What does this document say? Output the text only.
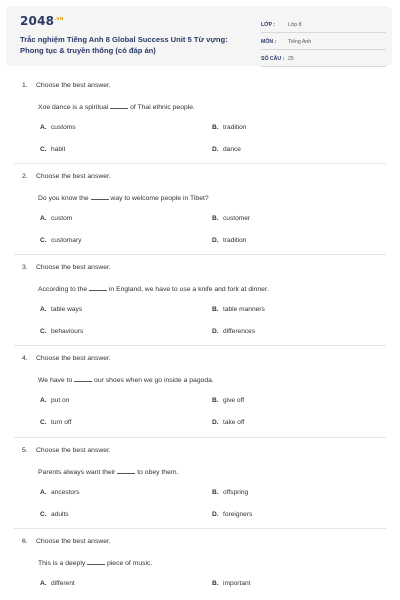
$2048^{.vn}$
Trắc nghiệm Tiếng Anh 8 Global Success Unit 5 Từ vựng: Phong tục & truyền thống (có đáp án)
LỚP :	Lớp 8
MÔN :	Tiếng Anh
SỐ CÂU : 25
1. Choose the best answer.
Xoe dance is a spiritual	of Thai ethnic people.
A. customs	B. tradition
C. habit	D. dance
2. Choose the best answer.
Do you know the	way to welcome people in Tibet?
A. custom	B. customer
C. customary	D. tradition
3. Choose the best answer.
According to the	in England, we have to use a knife and fork at dinner.
A. table ways	B. table manners
C. behaviours	D. differences
4. Choose the best answer.
We have to	our shoes when we go inside a pagoda.
A. put on	B. give off
C. turn off	D. take off
5. Choose the best answer.
Parents always want their	to obey them.
A. ancestors	B. offspring
C. adults	D. foreigners
6. Choose the best answer.
This is a deeply	piece of music.
A. different	B. important
